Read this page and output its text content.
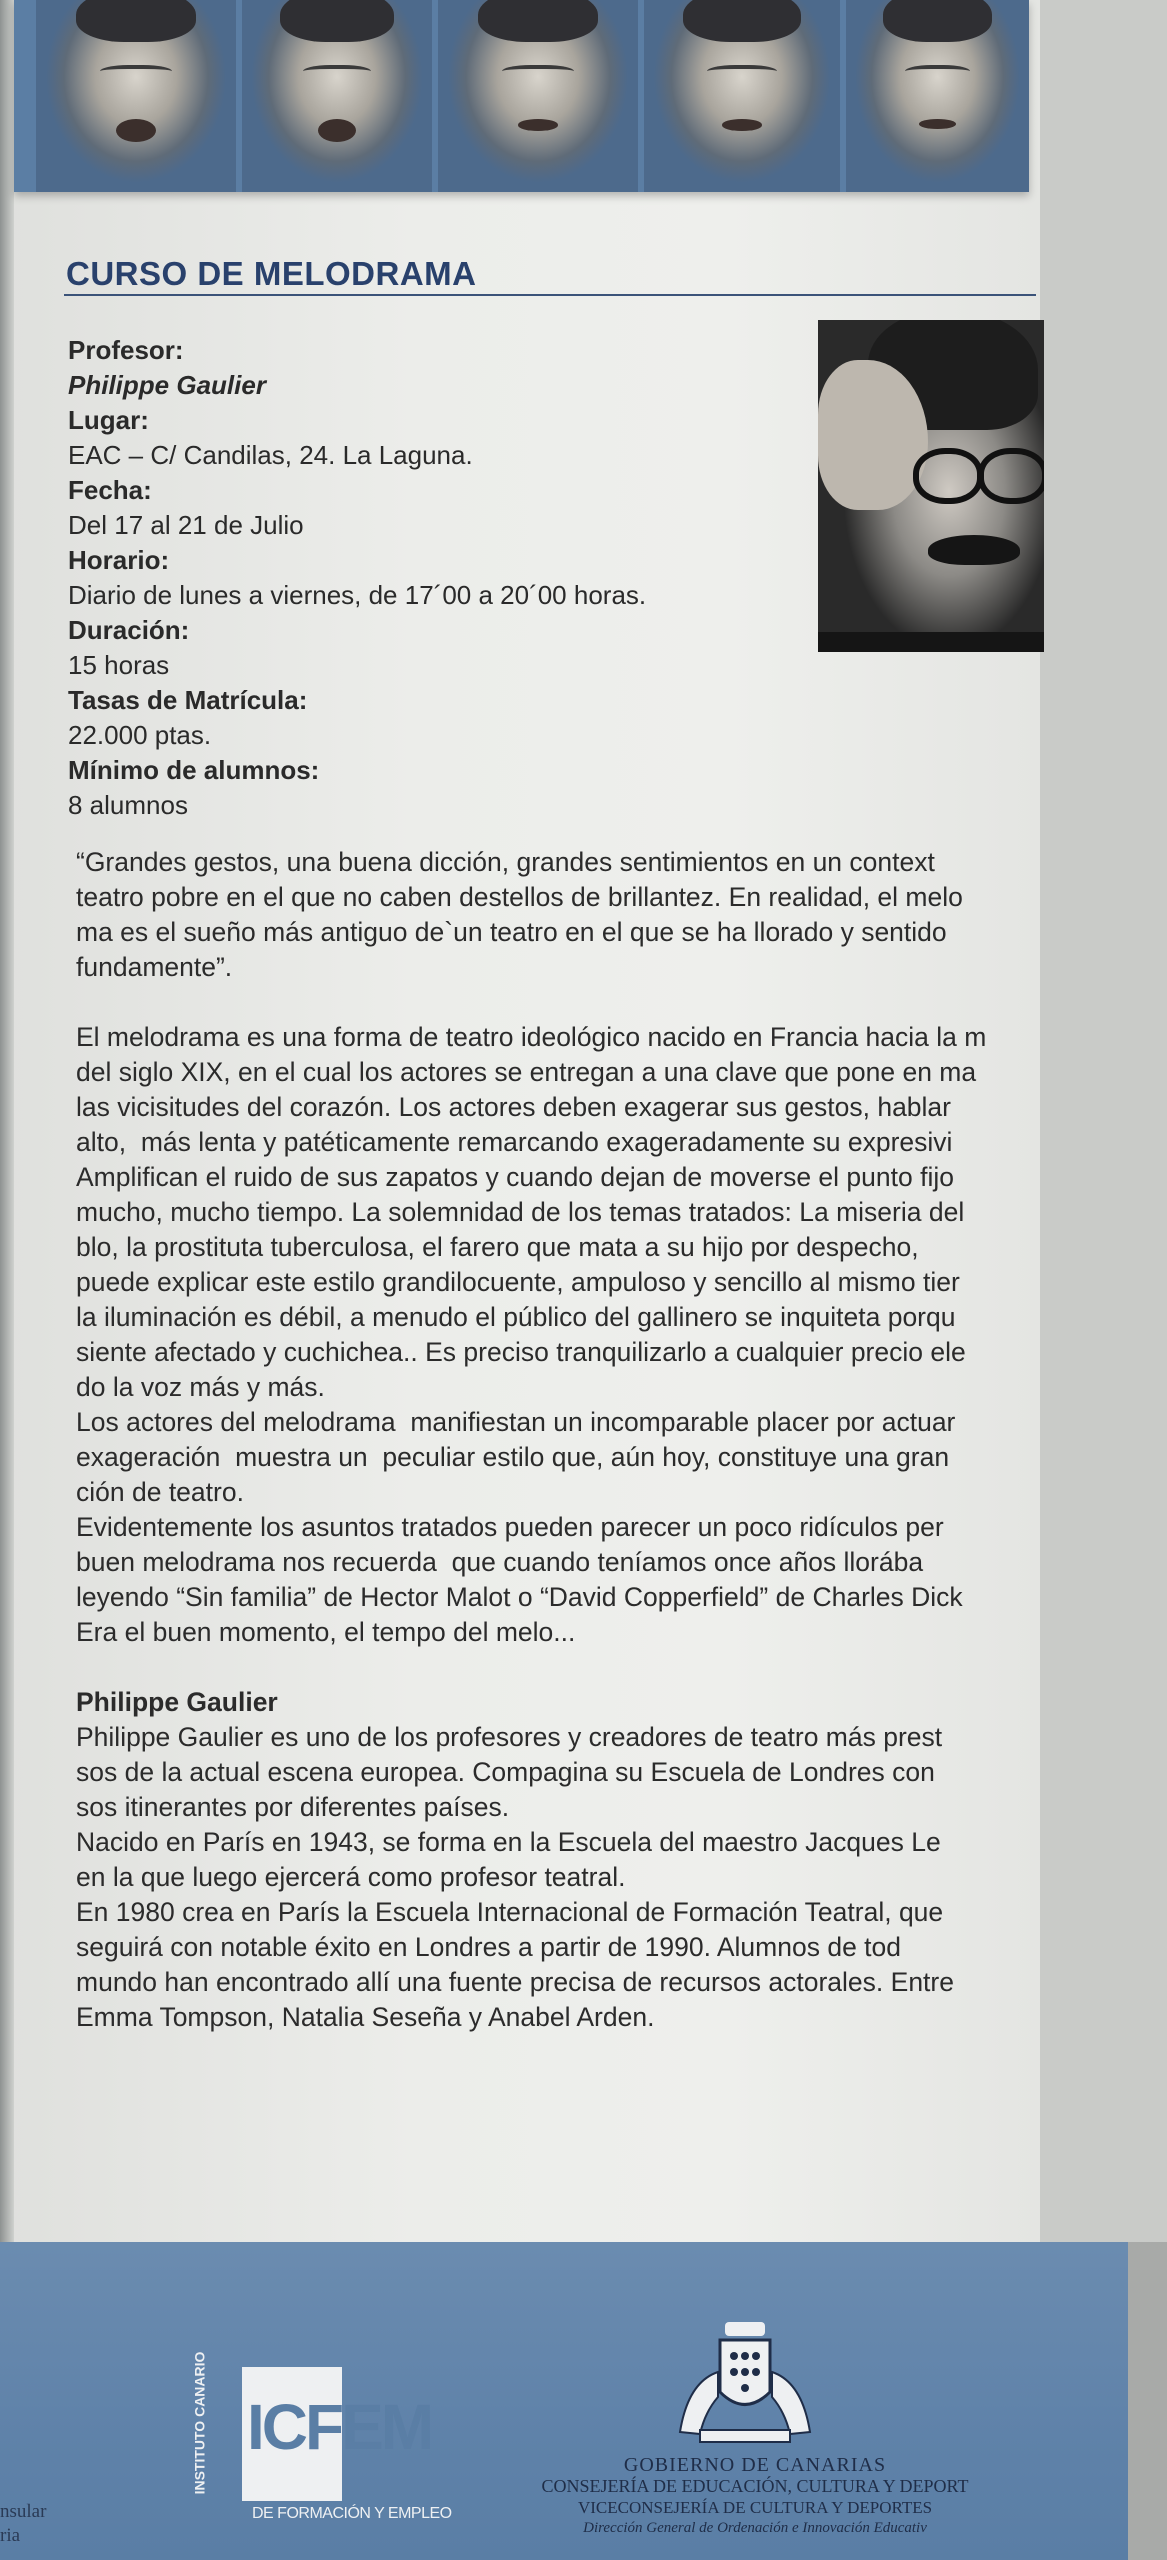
CURSO DE MELODRAMA
Profesor:
Philippe Gaulier
Lugar:
EAC – C/ Candilas, 24. La Laguna.
Fecha:
Del 17 al 21 de Julio
Horario:
Diario de lunes a viernes, de 17´00 a 20´00 horas.
Duración:
15 horas
Tasas de Matrícula:
22.000 ptas.
Mínimo de alumnos:
8 alumnos

“Grandes gestos, una buena dicción, grandes sentimientos en un context

teatro pobre en el que no caben destellos de brillantez. En realidad, el melo

ma es el sueño más antiguo de`un teatro en el que se ha llorado y sentido

fundamente”.

El melodrama es una forma de teatro ideológico nacido en Francia hacia la m

del siglo XIX, en el cual los actores se entregan a una clave que pone en ma

las vicisitudes del corazón. Los actores deben exagerar sus gestos, hablar

alto,  más lenta y patéticamente remarcando exageradamente su expresivi

Amplifican el ruido de sus zapatos y cuando dejan de moverse el punto fijo

mucho, mucho tiempo. La solemnidad de los temas tratados: La miseria del

blo, la prostituta tuberculosa, el farero que mata a su hijo por despecho,

puede explicar este estilo grandilocuente, ampuloso y sencillo al mismo tier

la iluminación es débil, a menudo el público del gallinero se inquiteta porqu

siente afectado y cuchichea.. Es preciso tranquilizarlo a cualquier precio ele

do la voz más y más.

Los actores del melodrama  manifiestan un incomparable placer por actuar

exageración  muestra un  peculiar estilo que, aún hoy, constituye una gran

ción de teatro.

Evidentemente los asuntos tratados pueden parecer un poco ridículos per

buen melodrama nos recuerda  que cuando teníamos once años llorába

leyendo “Sin familia” de Hector Malot o “David Copperfield” de Charles Dick

Era el buen momento, el tempo del melo...

Philippe Gaulier

Philippe Gaulier es uno de los profesores y creadores de teatro más prest

sos de la actual escena europea. Compagina su Escuela de Londres con

sos itinerantes por diferentes países.

Nacido en París en 1943, se forma en la Escuela del maestro Jacques Le

en la que luego ejercerá como profesor teatral.

En 1980 crea en París la Escuela Internacional de Formación Teatral, que

seguirá con notable éxito en Londres a partir de 1990. Alumnos de tod

mundo han encontrado allí una fuente precisa de recursos actorales. Entre

Emma Tompson, Natalia Seseña y Anabel Arden.

nsular
ria
INSTITUTO CANARIO ICFEM
DE FORMACIÓN Y EMPLEO
GOBIERNO DE CANARIAS
CONSEJERÍA DE EDUCACIÓN, CULTURA Y DEPORT
VICECONSEJERÍA DE CULTURA Y DEPORTES
Dirección General de Ordenación e Innovación Educativ
